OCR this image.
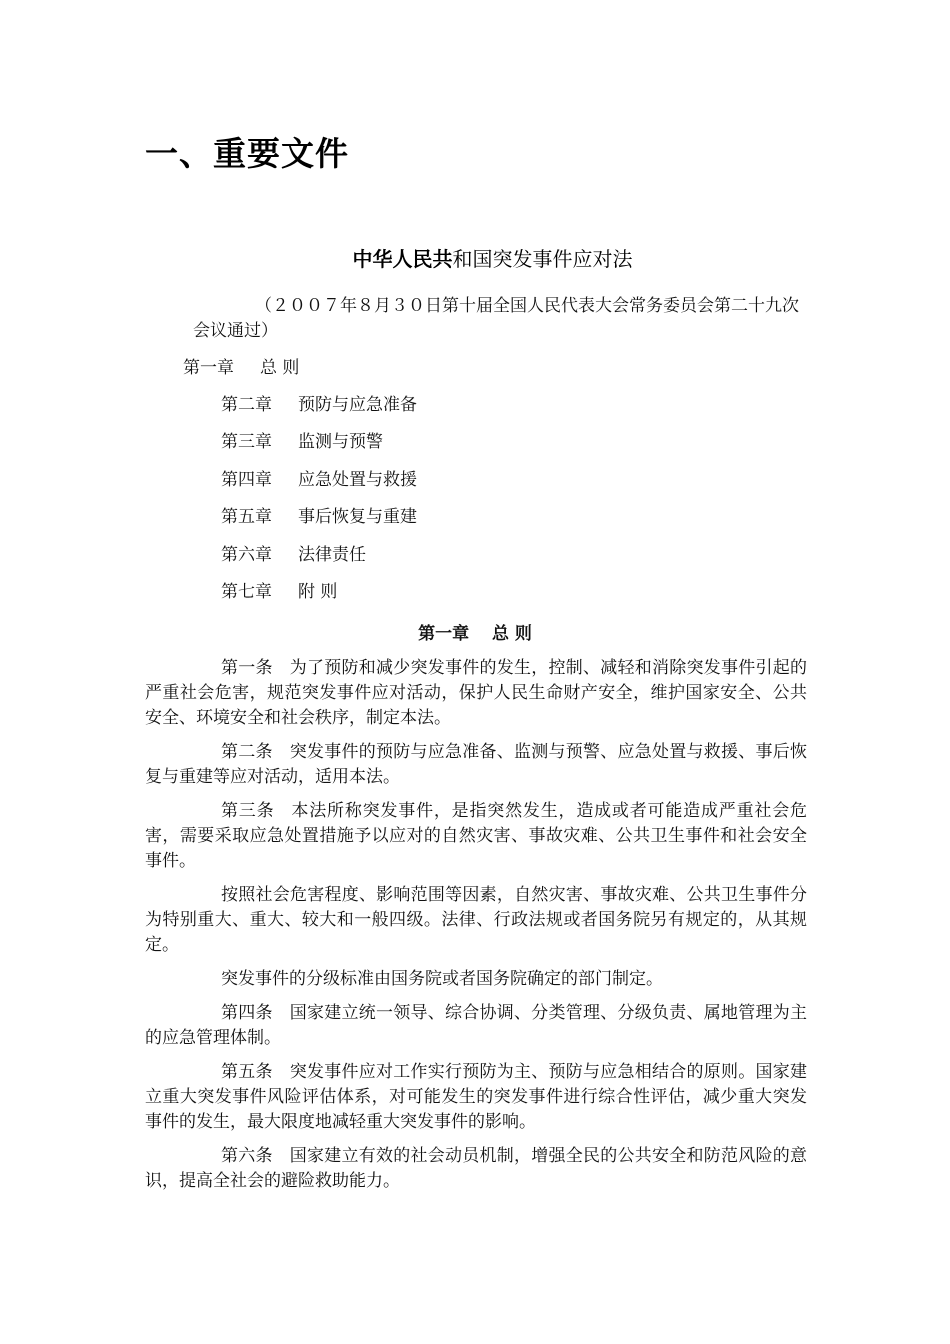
一、重要文件
中华人民共和国突发事件应对法

（２００７年８月３０日第十届全国人民代表大会常务委员会第二十九次会议通过）

第一章 总 则
第二章 预防与应急准备
第三章 监测与预警
第四章 应急处置与救援
第五章 事后恢复与重建
第六章 法律责任
第七章 附 则
第一章　 总 则

第一条 为了预防和减少突发事件的发生，控制、减轻和消除突发事件引起的严重社会危害，规范突发事件应对活动，保护人民生命财产安全，维护国家安全、公共安全、环境安全和社会秩序，制定本法。

第二条 突发事件的预防与应急准备、监测与预警、应急处置与救援、事后恢复与重建等应对活动，适用本法。

第三条 本法所称突发事件，是指突然发生，造成或者可能造成严重社会危害，需要采取应急处置措施予以应对的自然灾害、事故灾难、公共卫生事件和社会安全事件。

按照社会危害程度、影响范围等因素，自然灾害、事故灾难、公共卫生事件分为特别重大、重大、较大和一般四级。法律、行政法规或者国务院另有规定的，从其规定。

突发事件的分级标准由国务院或者国务院确定的部门制定。

第四条 国家建立统一领导、综合协调、分类管理、分级负责、属地管理为主的应急管理体制。

第五条 突发事件应对工作实行预防为主、预防与应急相结合的原则。国家建立重大突发事件风险评估体系，对可能发生的突发事件进行综合性评估，减少重大突发事件的发生，最大限度地减轻重大突发事件的影响。

第六条 国家建立有效的社会动员机制，增强全民的公共安全和防范风险的意识，提高全社会的避险救助能力。
